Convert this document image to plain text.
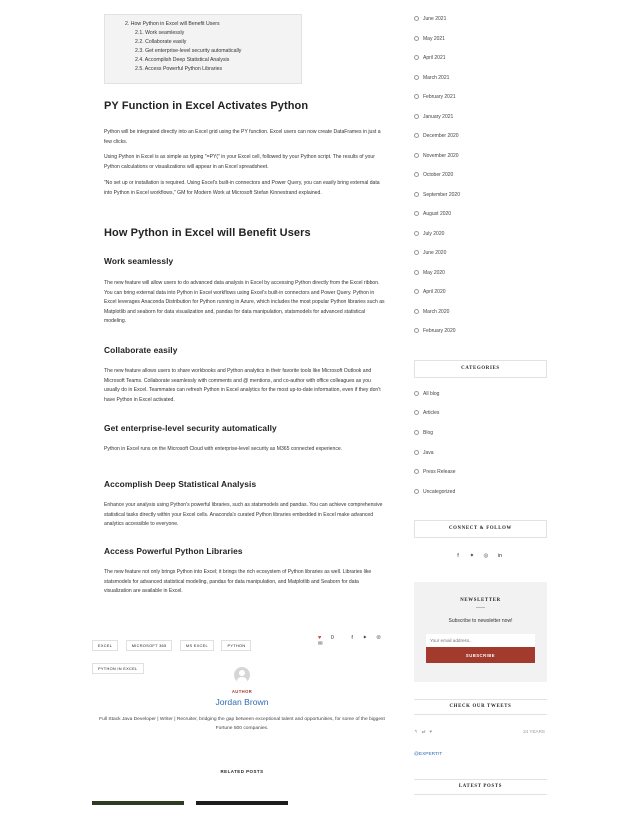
2. How Python in Excel will Benefit Users
2.1. Work seamlessly
2.2. Collaborate easily
2.3. Get enterprise-level security automatically
2.4. Accomplish Deep Statistical Analysis
2.5. Access Powerful Python Libraries
PY Function in Excel Activates Python

Python will be integrated directly into an Excel grid using the PY function. Excel users can now create DataFrames in just a few clicks.

Using Python in Excel is as simple as typing "=PY(" in your Excel cell, followed by your Python script. The results of your Python calculations or visualizations will appear in an Excel spreadsheet.

"No set up or installation is required. Using Excel's built-in connectors and Power Query, you can easily bring external data into Python in Excel workflows," GM for Modern Work at Microsoft Stefan Kinnestrand explained.

How Python in Excel will Benefit Users
Work seamlessly

The new feature will allow users to do advanced data analysis in Excel by accessing Python directly from the Excel ribbon. You can bring external data into Python in Excel workflows using Excel's built-in connectors and Power Query. Python in Excel leverages Anaconda Distribution for Python running in Azure, which includes the most popular Python libraries such as Matplotlib and seaborn for data visualization and, pandas for data manipulation, statsmodels for advanced statistical modeling.

Collaborate easily

The new feature allows users to share workbooks and Python analytics in their favorite tools like Microsoft Outlook and Microsoft Teams. Collaborate seamlessly with comments and @ mentions, and co-author with office colleagues as you usually do in Excel. Teammates can refresh Python in Excel analytics for the most up-to-date information, even if they don't have Python in Excel activated.

Get enterprise-level security automatically

Python in Excel runs on the Microsoft Cloud with enterprise-level security as M365 connected experience.

Accomplish Deep Statistical Analysis

Enhance your analysis using Python's powerful libraries, such as statsmodels and pandas. You can achieve comprehensive statistical tasks directly within your Excel cells. Anaconda's curated Python libraries embedded in Excel make advanced analytics accessible to everyone.

Access Powerful Python Libraries

The new feature not only brings Python into Excel; it brings the rich ecosystem of Python libraries as well. Libraries like statsmodels for advanced statistical modeling, pandas for data manipulation, and Matplotlib and Seaborn for data visualization are available in Excel.

EXCEL	MICROSOFT 365	MS EXCEL	PYTHON PYTHON IN EXCEL
♥ 0	f ✦ ℗ ✉
AUTHOR
Jordan Brown
Full Stack Java Developer | Writer | Recruiter, bridging the gap between exceptional talent and opportunities, for some of the biggest Fortune 500 companies.
RELATED POSTS
June 2021
May 2021
April 2021
March 2021
February 2021
January 2021
December 2020
November 2020
October 2020
September 2020
August 2020
July 2020
June 2020
May 2020
April 2020
March 2020
February 2020
CATEGORIES
All blog
Articles
Blog
Java
Press Release
Uncategorized
CONNECT & FOLLOW
f ✦ ◎ in
NEWSLETTER
Subscribe to newsletter now!
Your email address..
SUBSCRIBE
CHECK OUR TWEETS
↰ ⇄ ♥	24 YEARS
@EXPERTIT
LATEST POSTS
